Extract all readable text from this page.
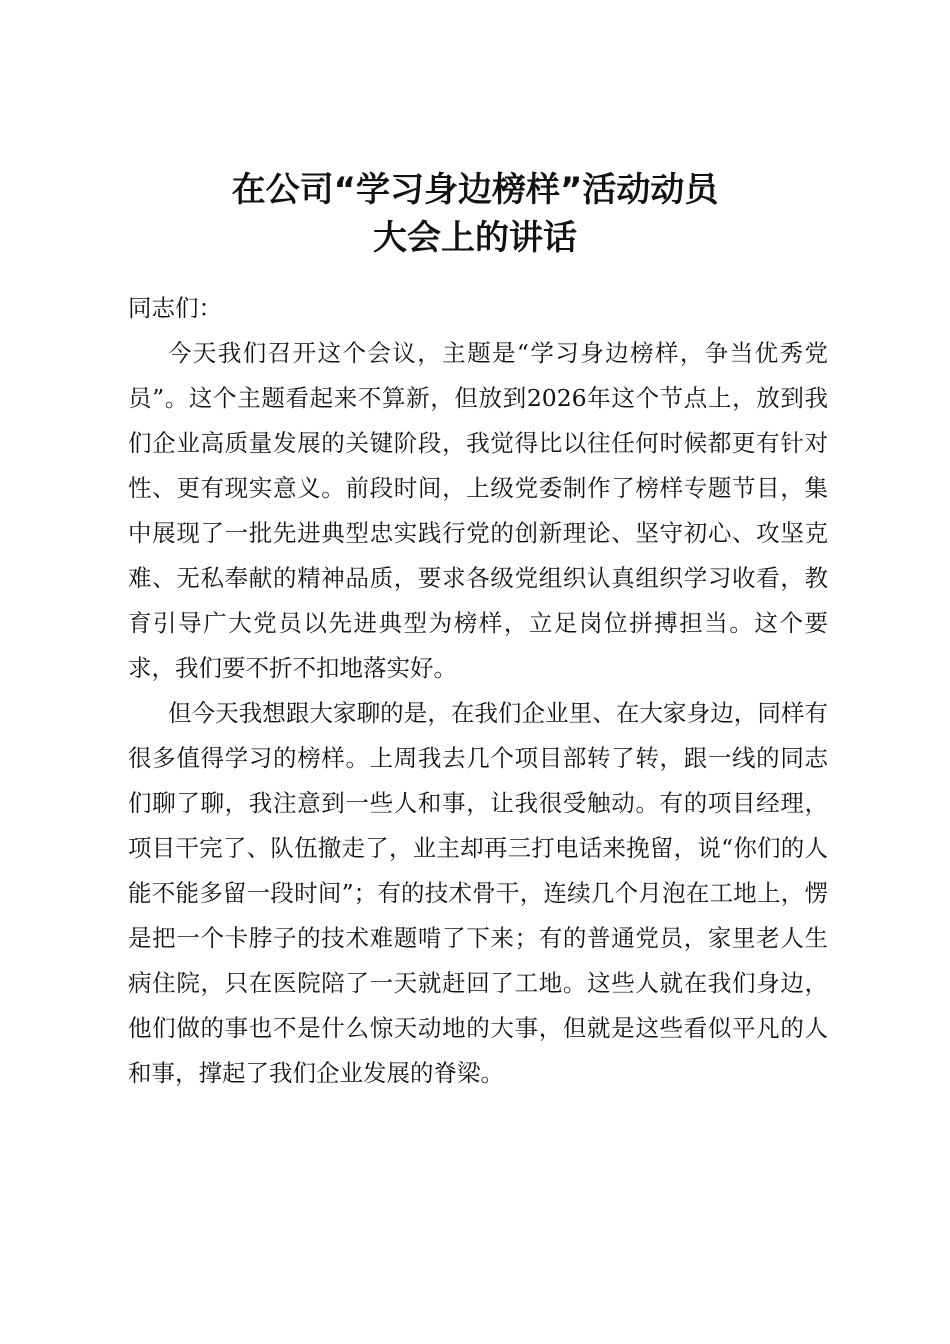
在公司“学习身边榜样”活动动员
大会上的讲话

同志们：

今天我们召开这个会议，主题是“学习身边榜样，争当优秀党员”。这个主题看起来不算新，但放到2026年这个节点上，放到我们企业高质量发展的关键阶段，我觉得比以往任何时候都更有针对性、更有现实意义。前段时间，上级党委制作了榜样专题节目，集中展现了一批先进典型忠实践行党的创新理论、坚守初心、攻坚克难、无私奉献的精神品质，要求各级党组织认真组织学习收看，教育引导广大党员以先进典型为榜样，立足岗位拼搏担当。这个要求，我们要不折不扣地落实好。

但今天我想跟大家聊的是，在我们企业里、在大家身边，同样有很多值得学习的榜样。上周我去几个项目部转了转，跟一线的同志们聊了聊，我注意到一些人和事，让我很受触动。有的项目经理，项目干完了、队伍撤走了，业主却再三打电话来挽留，说“你们的人能不能多留一段时间”；有的技术骨干，连续几个月泡在工地上，愣是把一个卡脖子的技术难题啃了下来；有的普通党员，家里老人生病住院，只在医院陪了一天就赶回了工地。这些人就在我们身边，他们做的事也不是什么惊天动地的大事，但就是这些看似平凡的人和事，撑起了我们企业发展的脊梁。
